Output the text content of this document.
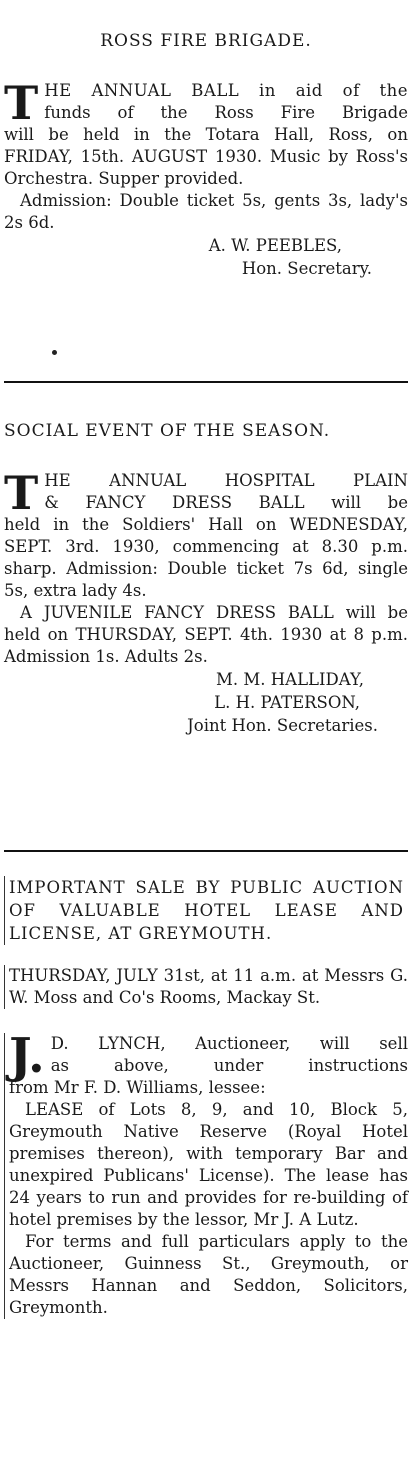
ROSS FIRE BRIGADE.
T HE ANNUAL BALL in aid of the
funds of the Ross Fire Brigade

will be held in the Totara Hall, Ross, on FRIDAY, 15th. AUGUST 1930. Music by Ross's Orchestra. Supper provided.

Admission: Double ticket 5s, gents 3s, lady's 2s 6d.

A. W. PEEBLES,
Hon. Secretary.
SOCIAL EVENT OF THE SEASON.
T HE ANNUAL HOSPITAL PLAIN
& FANCY DRESS BALL will be

held in the Soldiers' Hall on WEDNESDAY, SEPT. 3rd. 1930, commencing at 8.30 p.m. sharp. Admission: Double ticket 7s 6d, single 5s, extra lady 4s.

A JUVENILE FANCY DRESS BALL will be held on THURSDAY, SEPT. 4th. 1930 at 8 p.m. Admission 1s. Adults 2s.

M. M. HALLIDAY,
L. H. PATERSON,
Joint Hon. Secretaries.
IMPORTANT SALE BY PUBLIC AUCTION OF VALUABLE HOTEL LEASE AND LICENSE, AT GREYMOUTH.
THURSDAY, JULY 31st, at 11 a.m. at Messrs G. W. Moss and Co's Rooms, Mackay St.
J. D. LYNCH, Auctioneer, will sell
as above, under instructions

from Mr F. D. Williams, lessee:

LEASE of Lots 8, 9, and 10, Block 5, Greymouth Native Reserve (Royal Hotel premises thereon), with temporary Bar and unexpired Publicans' License). The lease has 24 years to run and provides for re-building of hotel premises by the lessor, Mr J. A Lutz.

For terms and full particulars apply to the Auctioneer, Guinness St., Greymouth, or Messrs Hannan and Seddon, Solicitors, Greymonth.
